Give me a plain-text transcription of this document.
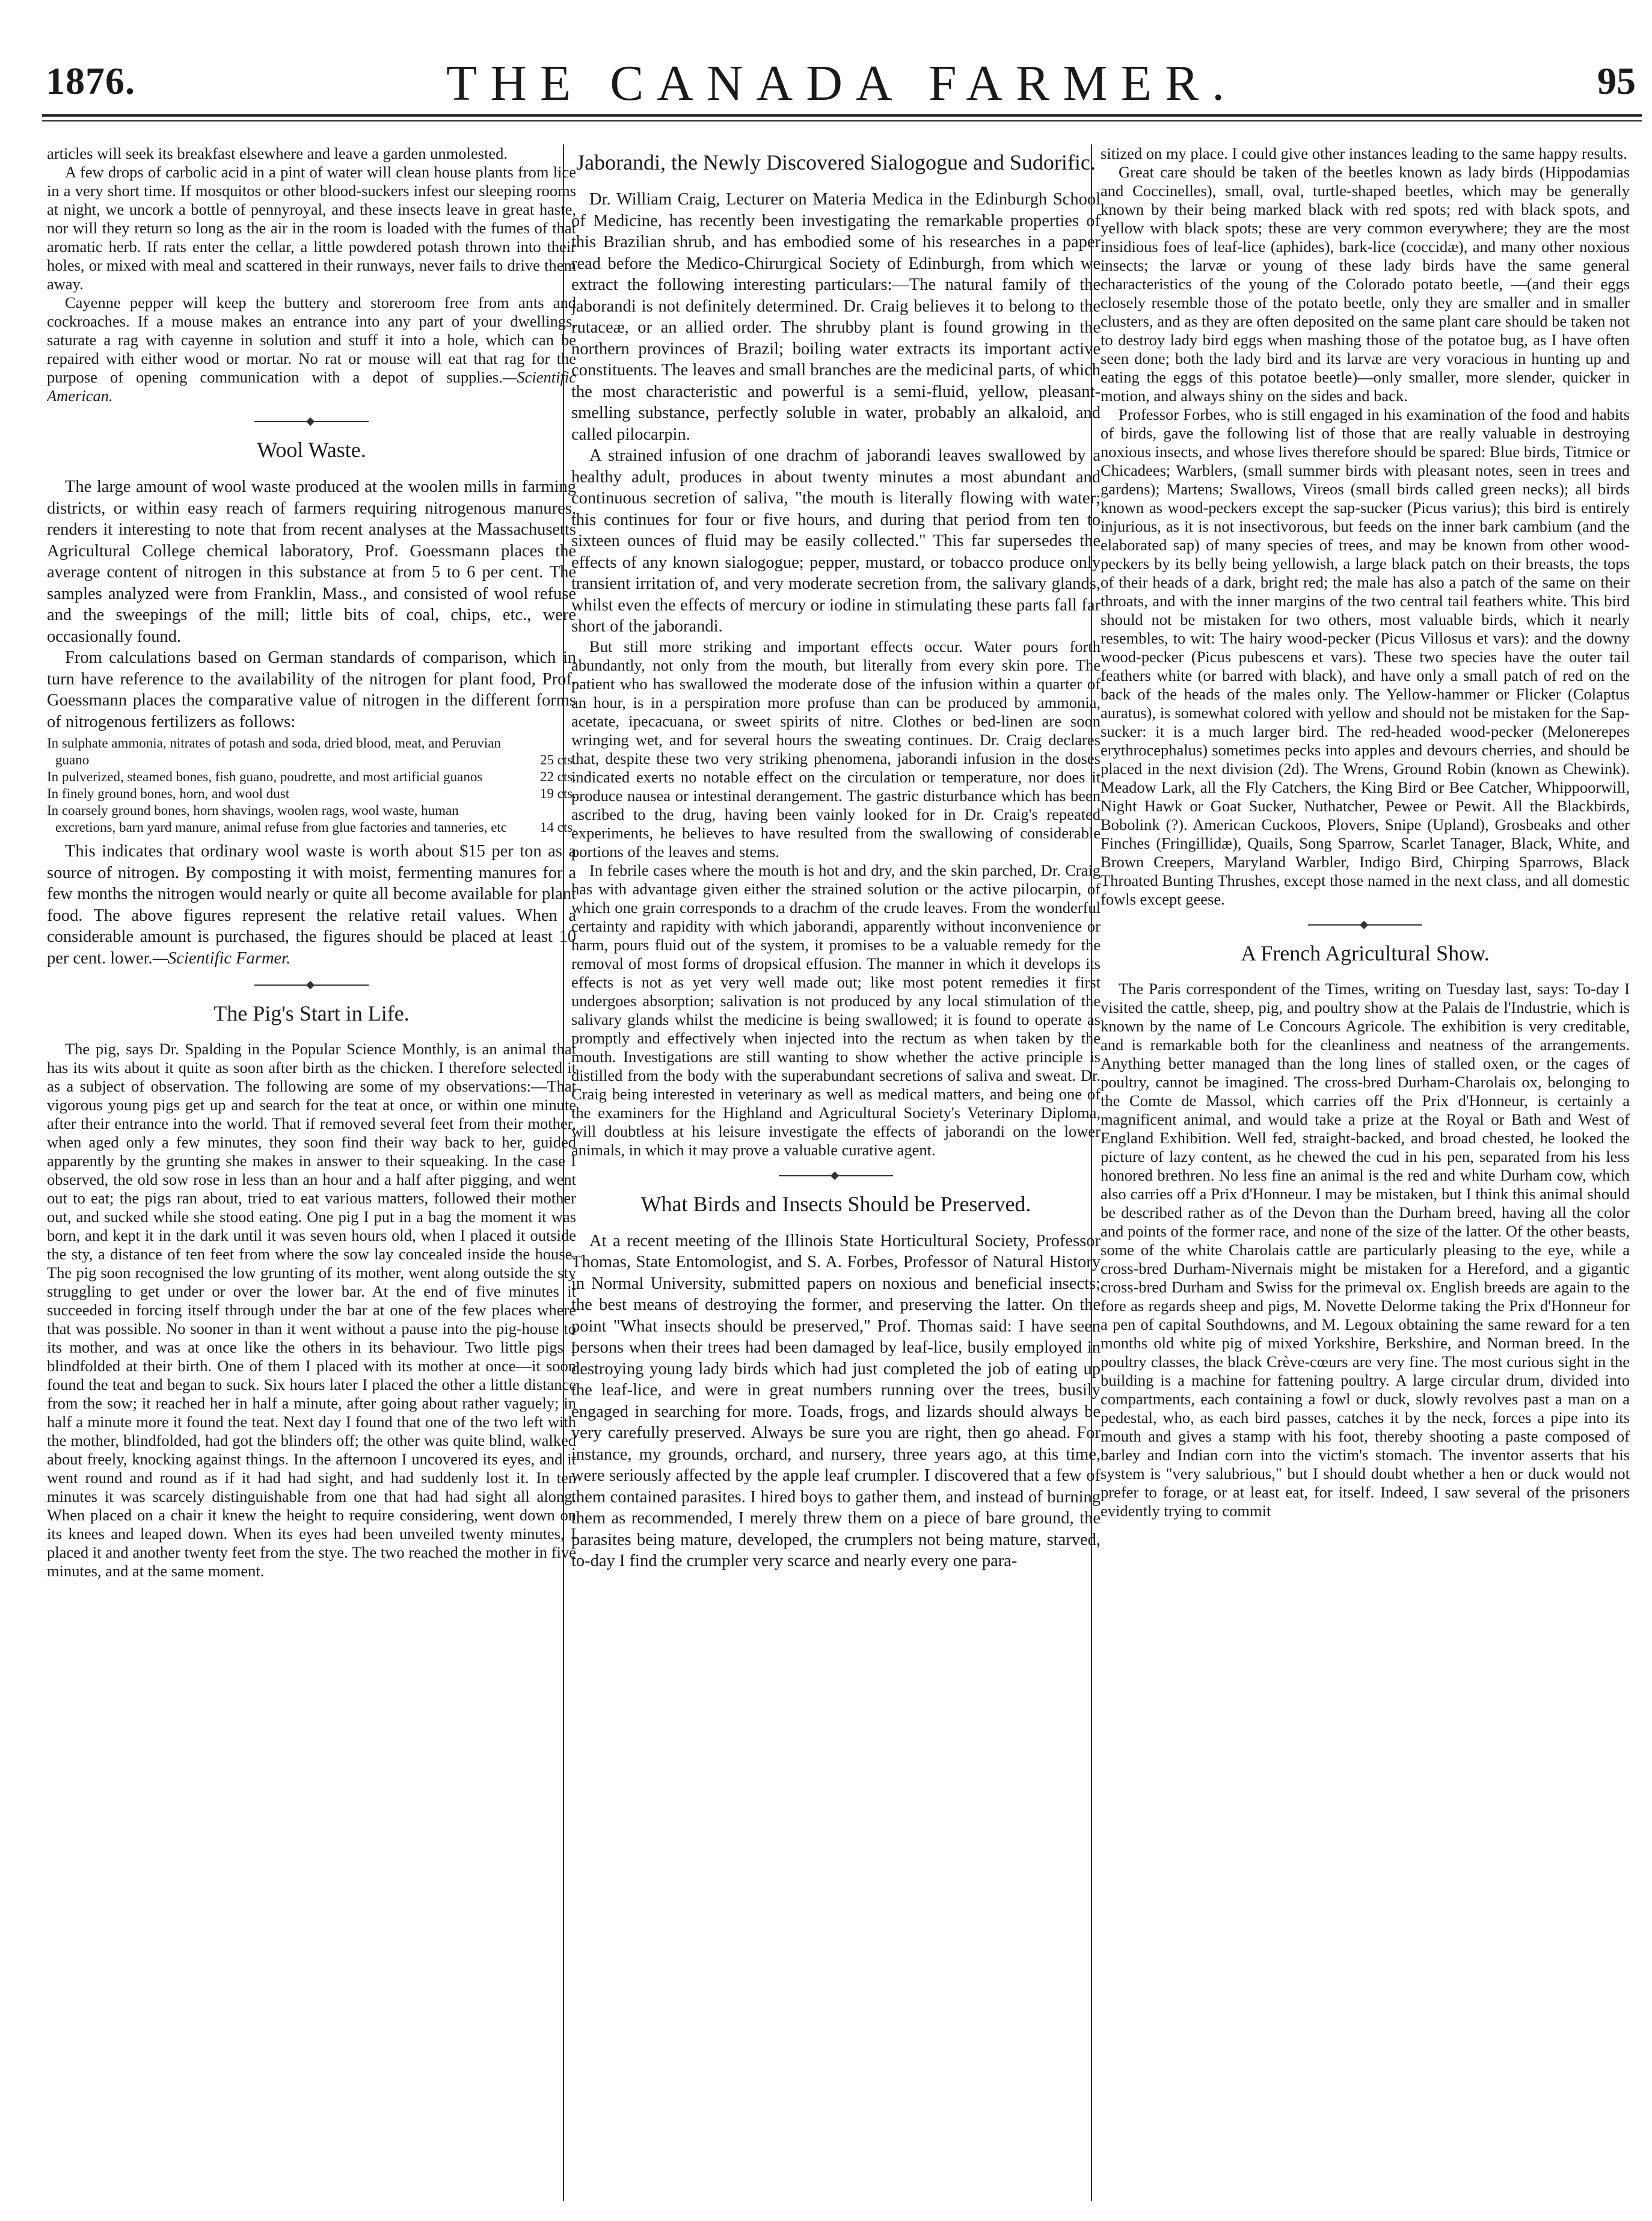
1876.	THE CANADA FARMER.	95

articles will seek its breakfast elsewhere and leave a garden unmolested.

A few drops of carbolic acid in a pint of water will clean house plants from lice in a very short time. If mosquitos or other blood-suckers infest our sleeping rooms at night, we uncork a bottle of pennyroyal, and these insects leave in great haste, nor will they return so long as the air in the room is loaded with the fumes of that aromatic herb. If rats enter the cellar, a little powdered potash thrown into their holes, or mixed with meal and scattered in their runways, never fails to drive them away.

Cayenne pepper will keep the buttery and storeroom free from ants and cockroaches. If a mouse makes an entrance into any part of your dwellings, saturate a rag with cayenne in solution and stuff it into a hole, which can be repaired with either wood or mortar. No rat or mouse will eat that rag for the purpose of opening communication with a depot of supplies.—Scientific American.

Wool Waste.

The large amount of wool waste produced at the woolen mills in farming districts, or within easy reach of farmers requiring nitrogenous manures, renders it interesting to note that from recent analyses at the Massachusetts Agricultural College chemical laboratory, Prof. Goessmann places the average content of nitrogen in this substance at from 5 to 6 per cent. The samples analyzed were from Franklin, Mass., and consisted of wool refuse and the sweepings of the mill; little bits of coal, chips, etc., were occasionally found.

From calculations based on German standards of comparison, which in turn have reference to the availability of the nitrogen for plant food, Prof. Goessmann places the comparative value of nitrogen in the different forms of nitrogenous fertilizers as follows:

In sulphate ammonia, nitrates of potash and soda, dried blood, meat, and Peruvian guano	25 cts.
In pulverized, steamed bones, fish guano, poudrette, and most artificial guanos	22 cts.
In finely ground bones, horn, and wool dust	19 cts.
In coarsely ground bones, horn shavings, woolen rags, wool waste, human excretions, barn yard manure, animal refuse from glue factories and tanneries, etc	14 cts.

This indicates that ordinary wool waste is worth about $15 per ton as a source of nitrogen. By composting it with moist, fermenting manures for a few months the nitrogen would nearly or quite all become available for plant food. The above figures represent the relative retail values. When a considerable amount is purchased, the figures should be placed at least 10 per cent. lower.—Scientific Farmer.

The Pig's Start in Life.

The pig, says Dr. Spalding in the Popular Science Monthly, is an animal that has its wits about it quite as soon after birth as the chicken. I therefore selected it as a subject of observation. The following are some of my observations:—That vigorous young pigs get up and search for the teat at once, or within one minute after their entrance into the world. That if removed several feet from their mother, when aged only a few minutes, they soon find their way back to her, guided apparently by the grunting she makes in answer to their squeaking. In the case I observed, the old sow rose in less than an hour and a half after pigging, and went out to eat; the pigs ran about, tried to eat various matters, followed their mother out, and sucked while she stood eating. One pig I put in a bag the moment it was born, and kept it in the dark until it was seven hours old, when I placed it outside the sty, a distance of ten feet from where the sow lay concealed inside the house. The pig soon recognised the low grunting of its mother, went along outside the sty struggling to get under or over the lower bar. At the end of five minutes it succeeded in forcing itself through under the bar at one of the few places where that was possible. No sooner in than it went without a pause into the pig-house to its mother, and was at once like the others in its behaviour. Two little pigs I blindfolded at their birth. One of them I placed with its mother at once—it soon found the teat and began to suck. Six hours later I placed the other a little distance from the sow; it reached her in half a minute, after going about rather vaguely; in half a minute more it found the teat. Next day I found that one of the two left with the mother, blindfolded, had got the blinders off; the other was quite blind, walked about freely, knocking against things. In the afternoon I uncovered its eyes, and it went round and round as if it had had sight, and had suddenly lost it. In ten minutes it was scarcely distinguishable from one that had had sight all along. When placed on a chair it knew the height to require considering, went down on its knees and leaped down. When its eyes had been unveiled twenty minutes, I placed it and another twenty feet from the stye. The two reached the mother in five minutes, and at the same moment.

Jaborandi, the Newly Discovered Sialogogue and Sudorific.

Dr. William Craig, Lecturer on Materia Medica in the Edinburgh School of Medicine, has recently been investigating the remarkable properties of this Brazilian shrub, and has embodied some of his researches in a paper read before the Medico-Chirurgical Society of Edinburgh, from which we extract the following interesting particulars:—The natural family of the jaborandi is not definitely determined. Dr. Craig believes it to belong to the rutaceæ, or an allied order. The shrubby plant is found growing in the northern provinces of Brazil; boiling water extracts its important active constituents. The leaves and small branches are the medicinal parts, of which the most characteristic and powerful is a semi-fluid, yellow, pleasant-smelling substance, perfectly soluble in water, probably an alkaloid, and called pilocarpin.

A strained infusion of one drachm of jaborandi leaves swallowed by a healthy adult, produces in about twenty minutes a most abundant and continuous secretion of saliva, "the mouth is literally flowing with water; this continues for four or five hours, and during that period from ten to sixteen ounces of fluid may be easily collected." This far supersedes the effects of any known sialogogue; pepper, mustard, or tobacco produce only transient irritation of, and very moderate secretion from, the salivary glands, whilst even the effects of mercury or iodine in stimulating these parts fall far short of the jaborandi.

But still more striking and important effects occur. Water pours forth abundantly, not only from the mouth, but literally from every skin pore. The patient who has swallowed the moderate dose of the infusion within a quarter of an hour, is in a perspiration more profuse than can be produced by ammonia, acetate, ipecacuana, or sweet spirits of nitre. Clothes or bed-linen are soon wringing wet, and for several hours the sweating continues. Dr. Craig declares that, despite these two very striking phenomena, jaborandi infusion in the doses indicated exerts no notable effect on the circulation or temperature, nor does it produce nausea or intestinal derangement. The gastric disturbance which has been ascribed to the drug, having been vainly looked for in Dr. Craig's repeated experiments, he believes to have resulted from the swallowing of considerable portions of the leaves and stems.

In febrile cases where the mouth is hot and dry, and the skin parched, Dr. Craig has with advantage given either the strained solution or the active pilocarpin, of which one grain corresponds to a drachm of the crude leaves. From the wonderful certainty and rapidity with which jaborandi, apparently without inconvenience or harm, pours fluid out of the system, it promises to be a valuable remedy for the removal of most forms of dropsical effusion. The manner in which it develops its effects is not as yet very well made out; like most potent remedies it first undergoes absorption; salivation is not produced by any local stimulation of the salivary glands whilst the medicine is being swallowed; it is found to operate as promptly and effectively when injected into the rectum as when taken by the mouth. Investigations are still wanting to show whether the active principle is distilled from the body with the superabundant secretions of saliva and sweat. Dr. Craig being interested in veterinary as well as medical matters, and being one of the examiners for the Highland and Agricultural Society's Veterinary Diploma, will doubtless at his leisure investigate the effects of jaborandi on the lower animals, in which it may prove a valuable curative agent.

What Birds and Insects Should be Preserved.

At a recent meeting of the Illinois State Horticultural Society, Professor Thomas, State Entomologist, and S. A. Forbes, Professor of Natural History in Normal University, submitted papers on noxious and beneficial insects; the best means of destroying the former, and preserving the latter. On the point "What insects should be preserved," Prof. Thomas said: I have seen persons when their trees had been damaged by leaf-lice, busily employed in destroying young lady birds which had just completed the job of eating up the leaf-lice, and were in great numbers running over the trees, busily engaged in searching for more. Toads, frogs, and lizards should always be very carefully preserved. Always be sure you are right, then go ahead. For instance, my grounds, orchard, and nursery, three years ago, at this time, were seriously affected by the apple leaf crumpler. I discovered that a few of them contained parasites. I hired boys to gather them, and instead of burning them as recommended, I merely threw them on a piece of bare ground, the parasites being mature, developed, the crumplers not being mature, starved, to-day I find the crumpler very scarce and nearly every one para-

sitized on my place. I could give other instances leading to the same happy results.

Great care should be taken of the beetles known as lady birds (Hippodamias and Coccinelles), small, oval, turtle-shaped beetles, which may be generally known by their being marked black with red spots; red with black spots, and yellow with black spots; these are very common everywhere; they are the most insidious foes of leaf-lice (aphides), bark-lice (coccidæ), and many other noxious insects; the larvæ or young of these lady birds have the same general characteristics of the young of the Colorado potato beetle, —(and their eggs closely resemble those of the potato beetle, only they are smaller and in smaller clusters, and as they are often deposited on the same plant care should be taken not to destroy lady bird eggs when mashing those of the potatoe bug, as I have often seen done; both the lady bird and its larvæ are very voracious in hunting up and eating the eggs of this potatoe beetle)—only smaller, more slender, quicker in motion, and always shiny on the sides and back.

Professor Forbes, who is still engaged in his examination of the food and habits of birds, gave the following list of those that are really valuable in destroying noxious insects, and whose lives therefore should be spared: Blue birds, Titmice or Chicadees; Warblers, (small summer birds with pleasant notes, seen in trees and gardens); Martens; Swallows, Vireos (small birds called green necks); all birds known as wood-peckers except the sap-sucker (Picus varius); this bird is entirely injurious, as it is not insectivorous, but feeds on the inner bark cambium (and the elaborated sap) of many species of trees, and may be known from other wood-peckers by its belly being yellowish, a large black patch on their breasts, the tops of their heads of a dark, bright red; the male has also a patch of the same on their throats, and with the inner margins of the two central tail feathers white. This bird should not be mistaken for two others, most valuable birds, which it nearly resembles, to wit: The hairy wood-pecker (Picus Villosus et vars): and the downy wood-pecker (Picus pubescens et vars). These two species have the outer tail feathers white (or barred with black), and have only a small patch of red on the back of the heads of the males only. The Yellow-hammer or Flicker (Colaptus auratus), is somewhat colored with yellow and should not be mistaken for the Sap-sucker: it is a much larger bird. The red-headed wood-pecker (Melonerepes erythrocephalus) sometimes pecks into apples and devours cherries, and should be placed in the next division (2d). The Wrens, Ground Robin (known as Chewink). Meadow Lark, all the Fly Catchers, the King Bird or Bee Catcher, Whippoorwill, Night Hawk or Goat Sucker, Nuthatcher, Pewee or Pewit. All the Blackbirds, Bobolink (?). American Cuckoos, Plovers, Snipe (Upland), Grosbeaks and other Finches (Fringillidæ), Quails, Song Sparrow, Scarlet Tanager, Black, White, and Brown Creepers, Maryland Warbler, Indigo Bird, Chirping Sparrows, Black Throated Bunting Thrushes, except those named in the next class, and all domestic fowls except geese.

A French Agricultural Show.

The Paris correspondent of the Times, writing on Tuesday last, says: To-day I visited the cattle, sheep, pig, and poultry show at the Palais de l'Industrie, which is known by the name of Le Concours Agricole. The exhibition is very creditable, and is remarkable both for the cleanliness and neatness of the arrangements. Anything better managed than the long lines of stalled oxen, or the cages of poultry, cannot be imagined. The cross-bred Durham-Charolais ox, belonging to the Comte de Massol, which carries off the Prix d'Honneur, is certainly a magnificent animal, and would take a prize at the Royal or Bath and West of England Exhibition. Well fed, straight-backed, and broad chested, he looked the picture of lazy content, as he chewed the cud in his pen, separated from his less honored brethren. No less fine an animal is the red and white Durham cow, which also carries off a Prix d'Honneur. I may be mistaken, but I think this animal should be described rather as of the Devon than the Durham breed, having all the color and points of the former race, and none of the size of the latter. Of the other beasts, some of the white Charolais cattle are particularly pleasing to the eye, while a cross-bred Durham-Nivernais might be mistaken for a Hereford, and a gigantic cross-bred Durham and Swiss for the primeval ox. English breeds are again to the fore as regards sheep and pigs, M. Novette Delorme taking the Prix d'Honneur for a pen of capital Southdowns, and M. Legoux obtaining the same reward for a ten months old white pig of mixed Yorkshire, Berkshire, and Norman breed. In the poultry classes, the black Crève-cœurs are very fine. The most curious sight in the building is a machine for fattening poultry. A large circular drum, divided into compartments, each containing a fowl or duck, slowly revolves past a man on a pedestal, who, as each bird passes, catches it by the neck, forces a pipe into its mouth and gives a stamp with his foot, thereby shooting a paste composed of barley and Indian corn into the victim's stomach. The inventor asserts that his system is "very salubrious," but I should doubt whether a hen or duck would not prefer to forage, or at least eat, for itself. Indeed, I saw several of the prisoners evidently trying to commit
